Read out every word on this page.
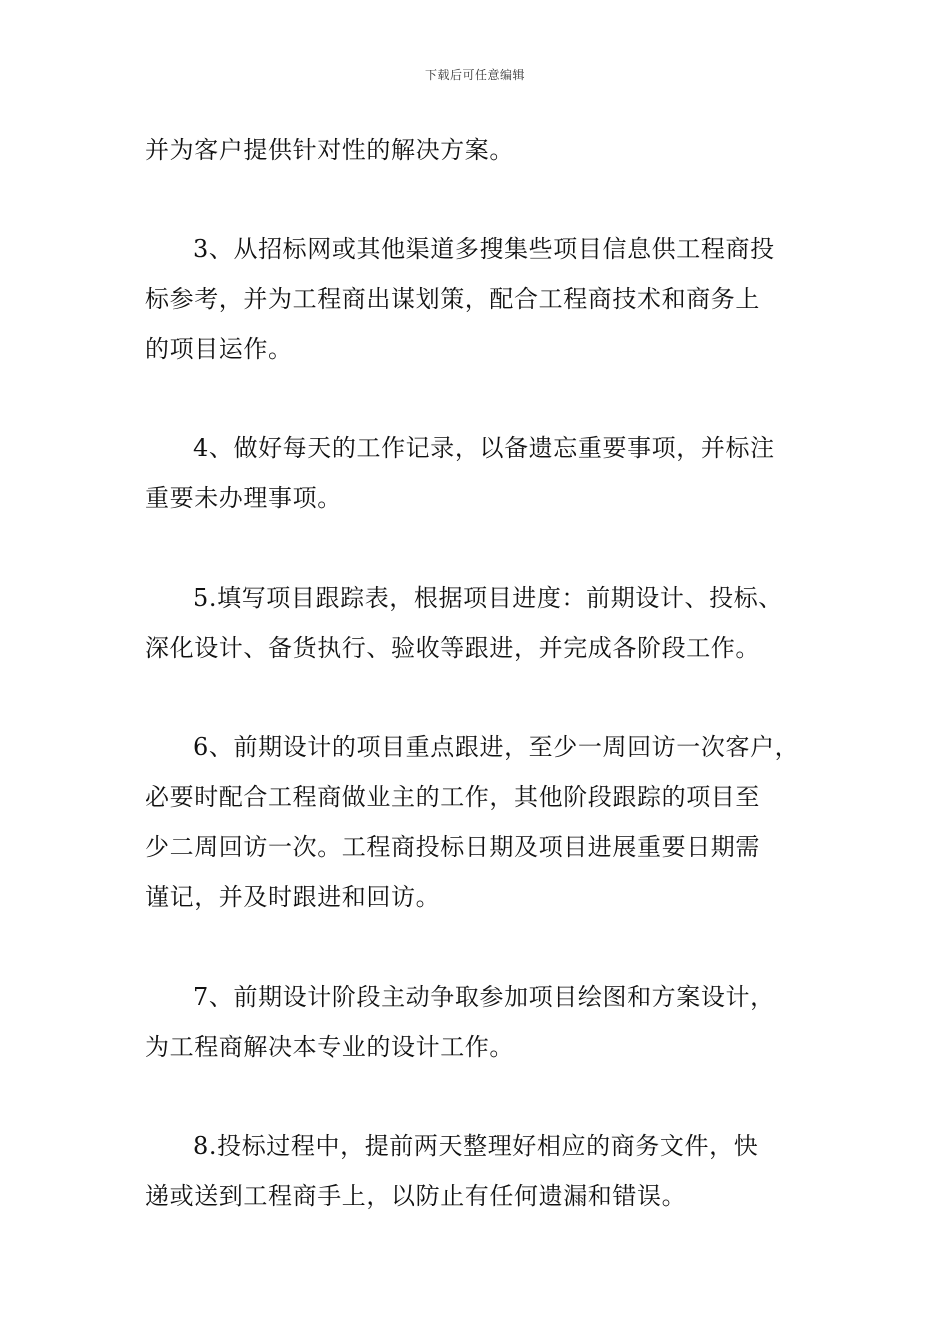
下载后可任意编辑
并为客户提供针对性的解决方案。
3、从招标网或其他渠道多搜集些项目信息供工程商投
标参考，并为工程商出谋划策，配合工程商技术和商务上
的项目运作。
4、做好每天的工作记录，以备遗忘重要事项，并标注
重要未办理事项。
5.填写项目跟踪表，根据项目进度：前期设计、投标、
深化设计、备货执行、验收等跟进，并完成各阶段工作。
6、前期设计的项目重点跟进，至少一周回访一次客户，
必要时配合工程商做业主的工作，其他阶段跟踪的项目至
少二周回访一次。工程商投标日期及项目进展重要日期需
谨记，并及时跟进和回访。
7、前期设计阶段主动争取参加项目绘图和方案设计，
为工程商解决本专业的设计工作。
8.投标过程中，提前两天整理好相应的商务文件，快
递或送到工程商手上，以防止有任何遗漏和错误。
